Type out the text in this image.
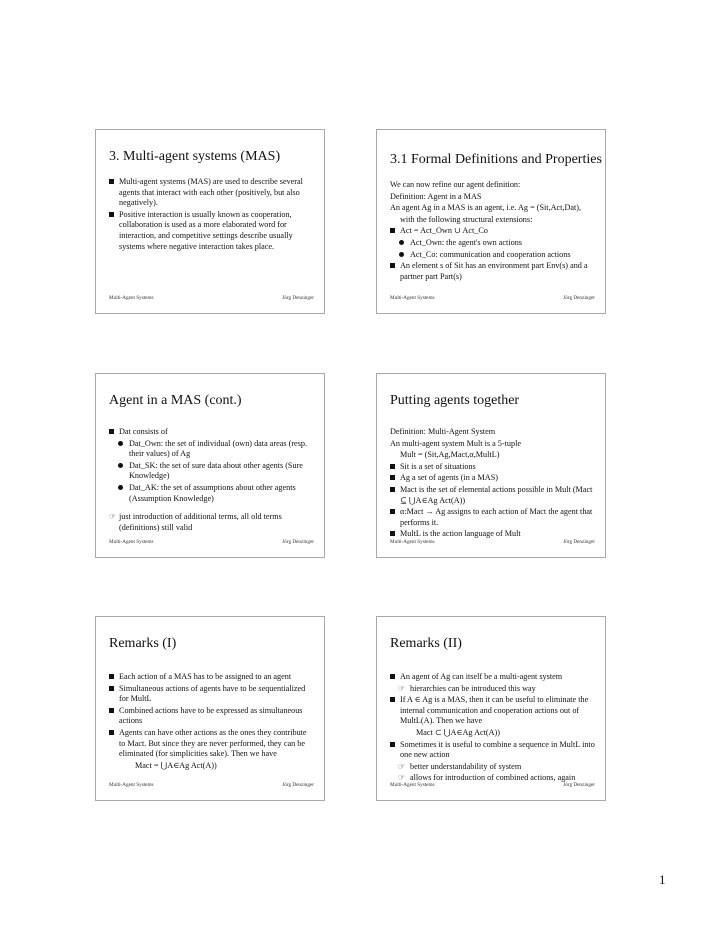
3. Multi-agent systems (MAS)
Multi-agent systems (MAS) are used to describe several agents that interact with each other (positively, but also negatively).
Positive interaction is usually known as cooperation, collaboration is used as a more elaborated word for interaction, and competitive settings describe usually systems where negative interaction takes place.
Multi-Agent Systems	Jörg Denzinger
3.1 Formal Definitions and Properties
We can now refine our agent definition:
Definition: Agent in a MAS
An agent Ag in a MAS is an agent, i.e. Ag = (Sit,Act,Dat),
with the following structural extensions:
Act = Act_Own ∪ Act_Co
Act_Own: the agent's own actions
Act_Co: communication and cooperation actions
An element s of Sit has an environment part Env(s) and a partner part Part(s)
Multi-Agent Systems	Jörg Denzinger
Agent in a MAS (cont.)
Dat consists of
Dat_Own: the set of individual (own) data areas (resp. their values) of Ag
Dat_SK: the set of sure data about other agents (Sure Knowledge)
Dat_AK: the set of assumptions about other agents (Assumption Knowledge)
☞ just introduction of additional terms, all old terms (definitions) still valid
Multi-Agent Systems	Jörg Denzinger
Putting agents together
Definition: Multi-Agent System
An multi-agent system Mult is a 5-tuple
Mult = (Sit,Ag,Mact,α,MultL)
Sit is a set of situations
Ag a set of agents (in a MAS)
Mact is the set of elemental actions possible in Mult (Mact ⊆ ⋃A∈Ag Act(A))
α:Mact → Ag assigns to each action of Mact the agent that performs it.
MultL is the action language of Mult
Multi-Agent Systems	Jörg Denzinger
Remarks (I)
Each action of a MAS has to be assigned to an agent
Simultaneous actions of agents have to be sequentialized for MultL
Combined actions have to be expressed as simultaneous actions
Agents can have other actions as the ones they contribute to Mact. But since they are never performed, they can be eliminated (for simplicities sake). Then we have
Mact = ⋃A∈Ag Act(A))
Multi-Agent Systems	Jörg Denzinger
Remarks (II)
An agent of Ag can itself be a multi-agent system
☞ hierarchies can be introduced this way
If A ∈ Ag is a MAS, then it can be useful to eliminate the internal communication and cooperation actions out of MultL(A). Then we have
Mact ⊂ ⋃A∈Ag Act(A))
Sometimes it is useful to combine a sequence in MultL into one new action
☞ better understandability of system
☞ allows for introduction of combined actions, again
Multi-Agent Systems	Jörg Denzinger
1
